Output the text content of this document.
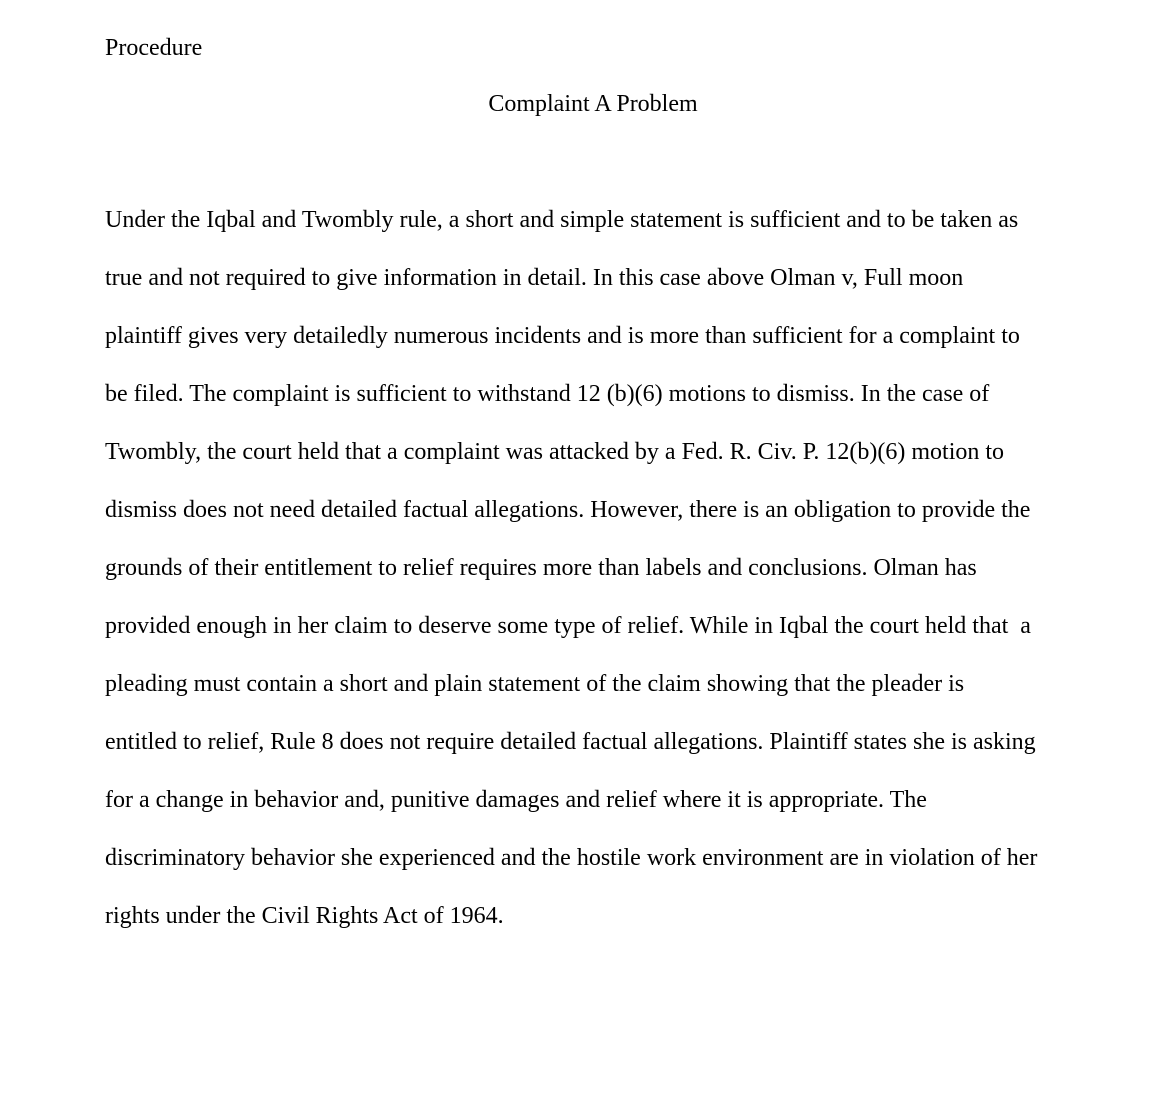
Procedure
Complaint A Problem
Under the Iqbal and Twombly rule, a short and simple statement is sufficient and to be taken as
true and not required to give information in detail. In this case above Olman v, Full moon
plaintiff gives very detailedly numerous incidents and is more than sufficient for a complaint to
be filed. The complaint is sufficient to withstand 12 (b)(6) motions to dismiss. In the case of
Twombly, the court held that a complaint was attacked by a Fed. R. Civ. P. 12(b)(6) motion to
dismiss does not need detailed factual allegations. However, there is an obligation to provide the
grounds of their entitlement to relief requires more than labels and conclusions. Olman has
provided enough in her claim to deserve some type of relief. While in Iqbal the court held that  a
pleading must contain a short and plain statement of the claim showing that the pleader is
entitled to relief, Rule 8 does not require detailed factual allegations. Plaintiff states she is asking
for a change in behavior and, punitive damages and relief where it is appropriate. The
discriminatory behavior she experienced and the hostile work environment are in violation of her
rights under the Civil Rights Act of 1964.
